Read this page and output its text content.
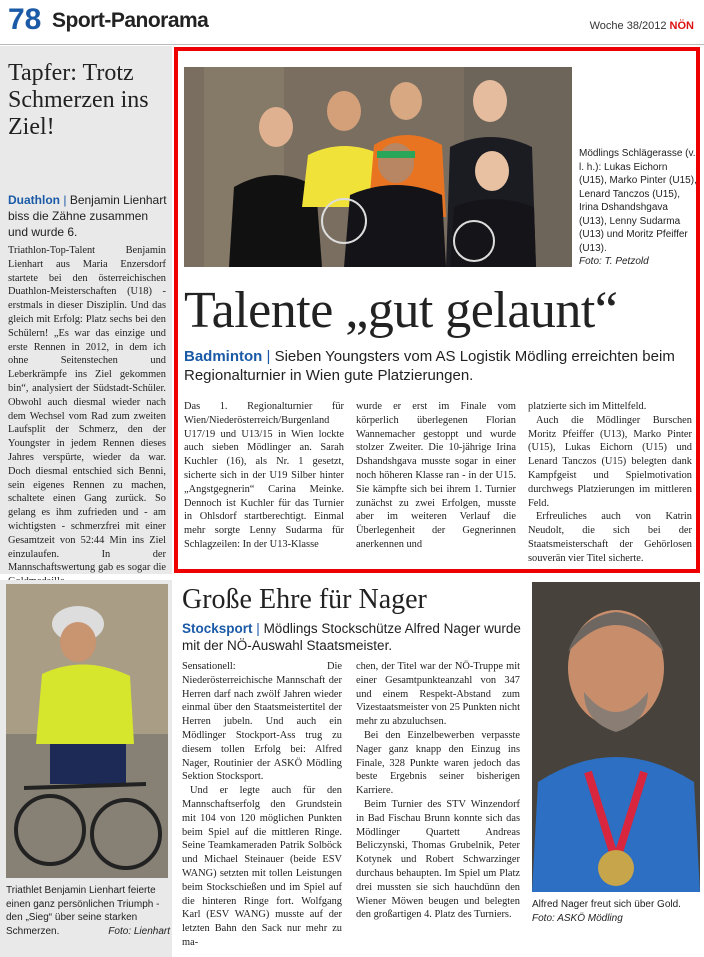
78 Sport-Panorama	Woche 38/2012 NÖN
Tapfer: Trotz Schmerzen ins Ziel!
Duathlon | Benjamin Lienhart biss die Zähne zusammen und wurde 6.
Triathlon-Top-Talent Benjamin Lienhart aus Maria Enzersdorf startete bei den österreichischen Duathlon-Meisterschaften (U18) - erstmals in dieser Disziplin. Und das gleich mit Erfolg: Platz sechs bei den Schülern! „Es war das einzige und erste Rennen in 2012, in dem ich ohne Seitenstechen und Leberkrämpfe ins Ziel gekommen bin“, analysiert der Südstadt-Schüler. Obwohl auch diesmal wieder nach dem Wechsel vom Rad zum zweiten Laufsplit der Schmerz, den der Youngster in jedem Rennen dieses Jahres verspürte, wieder da war. Doch diesmal entschied sich Benni, sein eigenes Rennen zu machen, schaltete einen Gang zurück. So gelang es ihm zufrieden und - am wichtigsten - schmerzfrei mit einer Gesamtzeit von 52:44 Min ins Ziel einzulaufen. In der Mannschaftswertung gab es sogar die
Mödlings Schlägerasse (v. l. h.): Lukas Eichorn (U15), Marko Pinter (U15), Lenard Tanczos (U15), Irina Dshandshgava (U13), Lenny Sudarma (U13) und Moritz Pfeiffer (U13).
Foto: T. Petzold
Talente „gut gelaunt“
Badminton | Sieben Youngsters vom AS Logistik Mödling erreichten beim Regionalturnier in Wien gute Platzierungen.
Das 1. Regionalturnier für Wien/Niederösterreich/Burgenland U17/19 und U13/15 in Wien lockte auch sieben Mödlinger an. Sarah Kuchler (16), als Nr. 1 gesetzt, sicherte sich in der U19 Silber hinter „Angstgegnerin“ Carina Meinke. Dennoch ist Kuchler für das Turnier in Ohlsdorf startberechtigt. Einmal mehr sorgte Lenny Sudarma für Schlagzeilen: In der U13-Klasse
wurde er erst im Finale vom körperlich überlegenen Florian Wannemacher gestoppt und wurde stolzer Zweiter. Die 10-jährige Irina Dshandshgava musste sogar in einer noch höheren Klasse ran - in der U15. Sie kämpfte sich bei ihrem 1. Turnier zunächst zu zwei Erfolgen, musste aber im weiteren Verlauf die Überlegenheit der Gegnerinnen anerkennen und

platzierte sich im Mittelfeld.

Auch die Mödlinger Burschen Moritz Pfeiffer (U13), Marko Pinter (U15), Lukas Eichorn (U15) und Lenard Tanczos (U15) belegten dank Kampfgeist und Spielmotivation durchwegs Platzierungen im mittleren Feld.

Erfreuliches auch von Katrin Neudolt, die sich bei der Staatsmeisterschaft der Gehörlosen souverän vier Titel sicherte.

Triathlet Benjamin Lienhart feierte einen ganz persönlichen Triumph - den „Sieg“ über seine starken Schmerzen.	Foto: Lienhart
Große Ehre für Nager
Stocksport | Mödlings Stockschütze Alfred Nager wurde mit der NÖ-Auswahl Staatsmeister.

Sensationell: Die Niederösterreichische Mannschaft der Herren darf nach zwölf Jahren wieder einmal über den Staatsmeistertitel der Herren jubeln. Und auch ein Mödlinger Stockport-Ass trug zu diesem tollen Erfolg bei: Alfred Nager, Routinier der ASKÖ Mödling Sektion Stocksport.

Und er legte auch für den Mannschaftserfolg den Grundstein mit 104 von 120 möglichen Punkten beim Spiel auf die mittleren Ringe. Seine Teamkameraden Patrik Solböck und Michael Steinauer (beide ESV WANG) setzten mit tollen Leistungen beim Stockschießen und im Spiel auf die hinteren Ringe fort. Wolfgang Karl (ESV WANG) musste auf der letzten Bahn den Sack nur mehr zu ma-

chen, der Titel war der NÖ-Truppe mit einer Gesamtpunkteanzahl von 347 und einem Respekt-Abstand zum Vizestaatsmeister von 25 Punkten nicht mehr zu abzuluchsen.

Bei den Einzelbewerben verpasste Nager ganz knapp den Einzug ins Finale, 328 Punkte waren jedoch das beste Ergebnis seiner bisherigen Karriere.

Beim Turnier des STV Winzendorf in Bad Fischau Brunn konnte sich das Mödlinger Quartett Andreas Beliczynski, Thomas Grubelnik, Peter Kotynek und Robert Schwarzinger durchaus behaupten. Im Spiel um Platz drei mussten sie sich hauchdünn den Wiener Möwen beugen und belegten den großartigen 4. Platz des Turniers.

Alfred Nager freut sich über Gold.
Foto: ASKÖ Mödling
